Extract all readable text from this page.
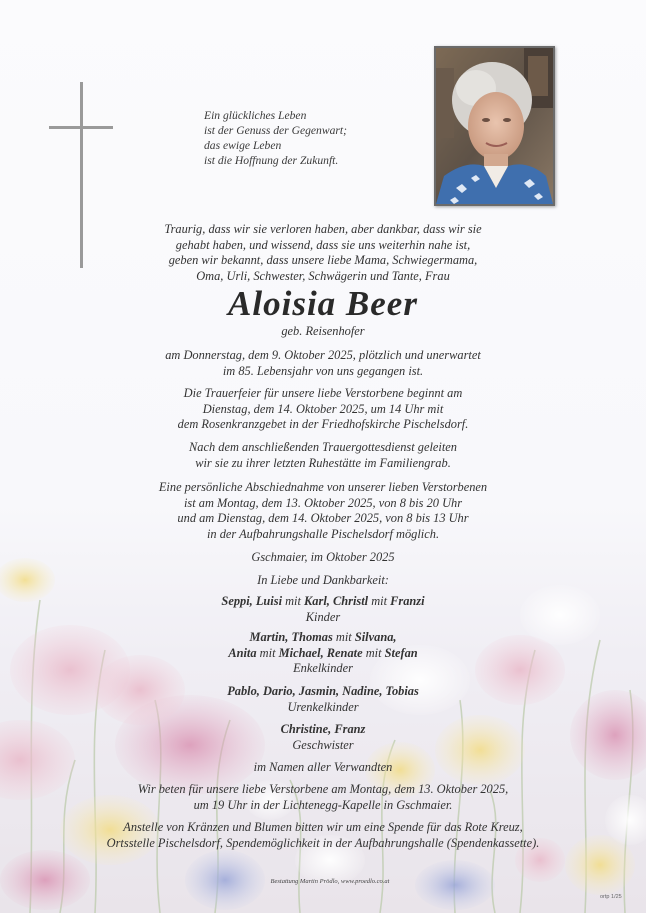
Ein glückliches Leben
ist der Genuss der Gegenwart;
das ewige Leben
ist die Hoffnung der Zukunft.
Traurig, dass wir sie verloren haben, aber dankbar, dass wir sie
gehabt haben, und wissend, dass sie uns weiterhin nahe ist,
geben wir bekannt, dass unsere liebe Mama, Schwiegermama,
Oma, Urli, Schwester, Schwägerin und Tante, Frau
Aloisia Beer
geb. Reisenhofer
am Donnerstag, dem 9. Oktober 2025, plötzlich und unerwartet
im 85. Lebensjahr von uns gegangen ist.
Die Trauerfeier für unsere liebe Verstorbene beginnt am
Dienstag, dem 14. Oktober 2025, um 14 Uhr mit
dem Rosenkranzgebet in der Friedhofskirche Pischelsdorf.
Nach dem anschließenden Trauergottesdienst geleiten
wir sie zu ihrer letzten Ruhestätte im Familiengrab.
Eine persönliche Abschiednahme von unserer lieben Verstorbenen
ist am Montag, dem 13. Oktober 2025, von 8 bis 20 Uhr
und am Dienstag, dem 14. Oktober 2025, von 8 bis 13 Uhr
in der Aufbahrungshalle Pischelsdorf möglich.
Gschmaier, im Oktober 2025
In Liebe und Dankbarkeit:
Seppi, Luisi mit Karl, Christl mit Franzi
Kinder
Martin, Thomas mit Silvana,
Anita mit Michael, Renate mit Stefan
Enkelkinder
Pablo, Dario, Jasmin, Nadine, Tobias
Urenkelkinder
Christine, Franz
Geschwister
im Namen aller Verwandten
Wir beten für unsere liebe Verstorbene am Montag, dem 13. Oktober 2025,
um 19 Uhr in der Lichtenegg-Kapelle in Gschmaier.
Anstelle von Kränzen und Blumen bitten wir um eine Spende für das Rote Kreuz,
Ortsstelle Pischelsdorf, Spendemöglichkeit in der Aufbahrungshalle (Spendenkassette).
Bestattung Martin Prödlo, www.proedlo.co.at
ortp 1/25
